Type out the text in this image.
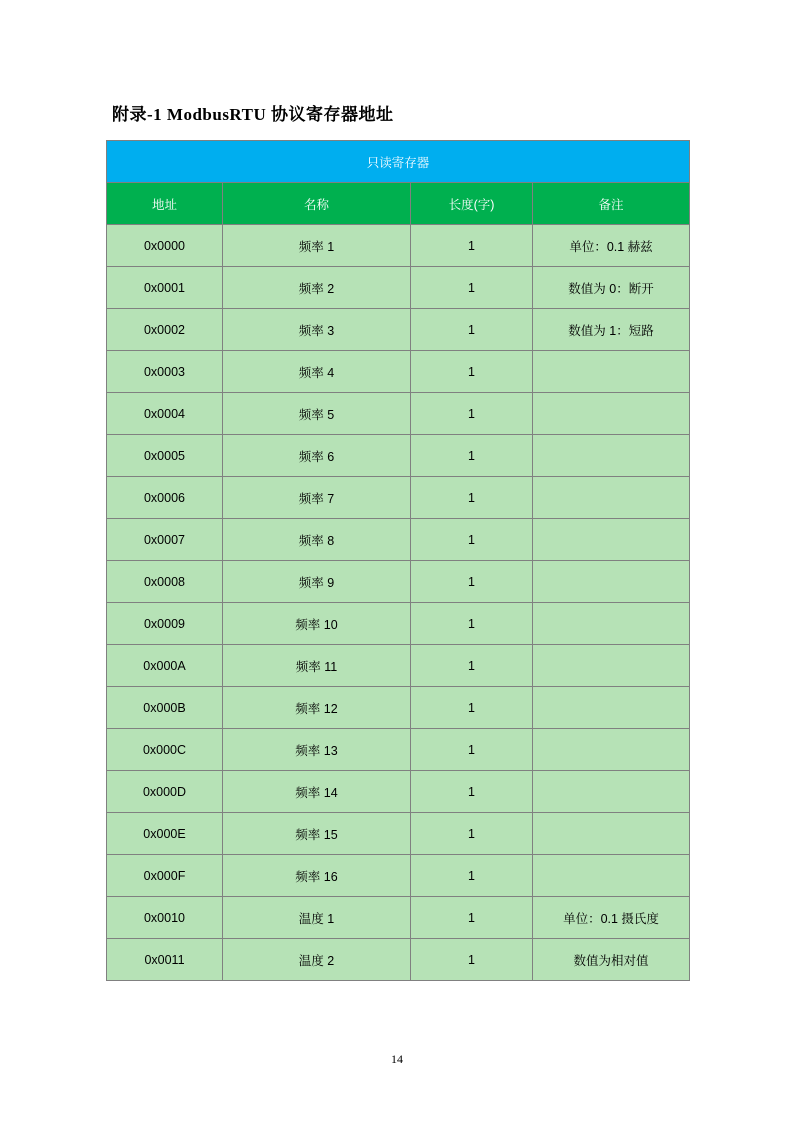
附录-1 ModbusRTU 协议寄存器地址
只读寄存器			
地址	名称	长度(字)	备注
0x0000	频率 1	1	单位：0.1 赫兹
0x0001	频率 2	1	数值为 0：断开
0x0002	频率 3	1	数值为 1：短路
0x0003	频率 4	1	
0x0004	频率 5	1	
0x0005	频率 6	1	
0x0006	频率 7	1	
0x0007	频率 8	1	
0x0008	频率 9	1	
0x0009	频率 10	1	
0x000A	频率 11	1	
0x000B	频率 12	1	
0x000C	频率 13	1	
0x000D	频率 14	1	
0x000E	频率 15	1	
0x000F	频率 16	1	
0x0010	温度 1	1	单位：0.1 摄氏度
0x0011	温度 2	1	数值为相对值
14
